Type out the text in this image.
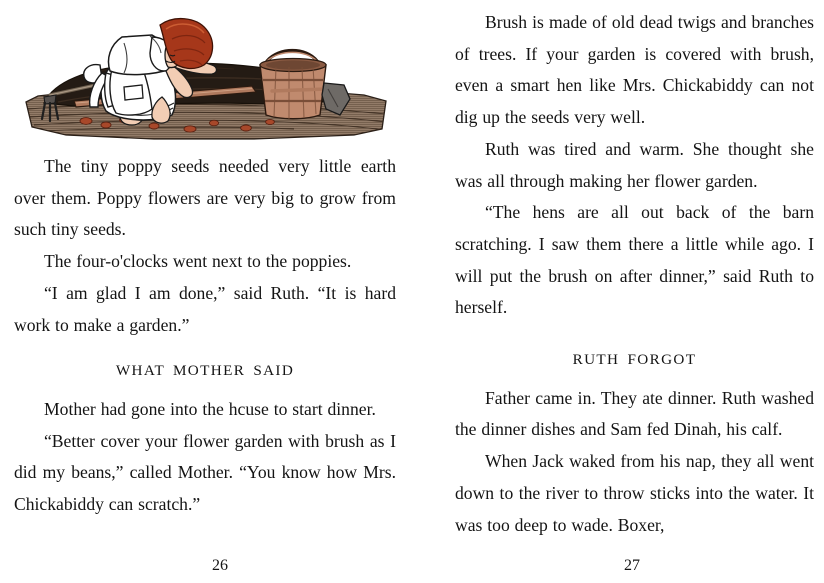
The tiny poppy seeds needed very little earth over them. Poppy flowers are very big to grow from such tiny seeds.

The four-o'clocks went next to the poppies.

“I am glad I am done,” said Ruth. “It is hard work to make a garden.”

WHAT MOTHER SAID

Mother had gone into the hcuse to start dinner.

“Better cover your flower garden with brush as I did my beans,” called Mother. “You know how Mrs. Chickabiddy can scratch.”

26

Brush is made of old dead twigs and branches of trees. If your garden is covered with brush, even a smart hen like Mrs. Chickabiddy can not dig up the seeds very well.

Ruth was tired and warm. She thought she was all through making her flower garden.

“The hens are all out back of the barn scratching. I saw them there a little while ago. I will put the brush on after dinner,” said Ruth to herself.

RUTH FORGOT

Father came in. They ate dinner. Ruth washed the dinner dishes and Sam fed Dinah, his calf.

When Jack waked from his nap, they all went down to the river to throw sticks into the water. It was too deep to wade. Boxer,

27
